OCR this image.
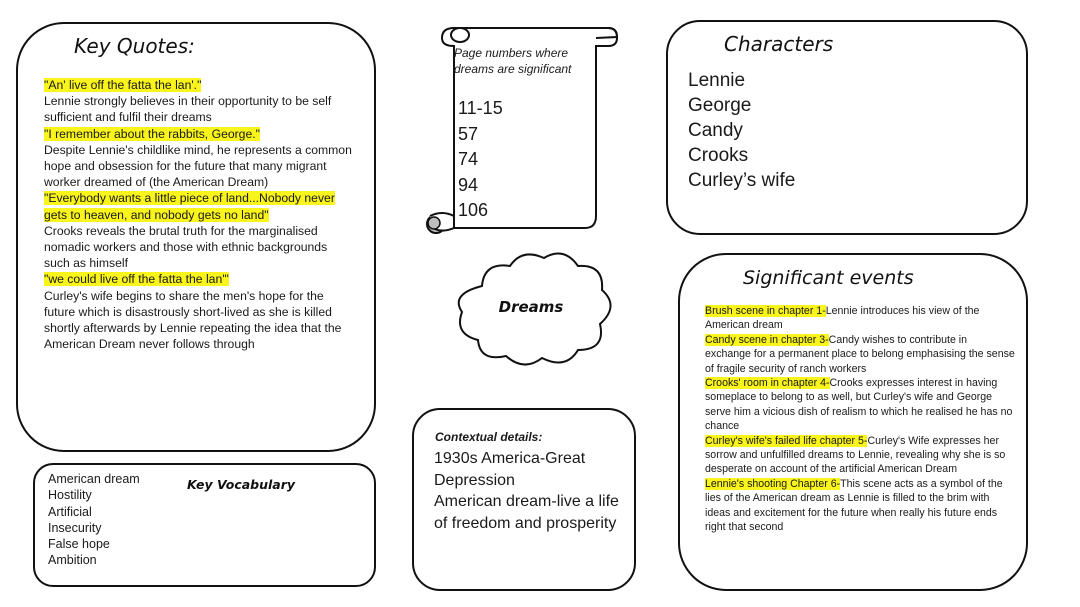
Key Quotes:
"An' live off the fatta the lan'."
Lennie strongly believes in their opportunity to be self sufficient and fulfil their dreams
"I remember about the rabbits, George."
Despite Lennie's childlike mind, he represents a common hope and obsession for the future that many migrant worker dreamed of (the American Dream)
"Everybody wants a little piece of land...Nobody never gets to heaven, and nobody gets no land"
Crooks reveals the brutal truth for the marginalised nomadic workers and those with ethnic backgrounds such as himself
"we could live off the fatta the lan'"
Curley's wife begins to share the men's hope for the future which is disastrously short-lived as she is killed shortly afterwards by Lennie repeating the idea that the American Dream never follows through
American dream
Hostility
Artificial
Insecurity
False hope
Ambition
Key Vocabulary
Page numbers where dreams are significant
11-15
57
74
94
106
Dreams
Contextual details:
1930s America-Great Depression
American dream-live a life of freedom and prosperity
Characters
Lennie
George
Candy
Crooks
Curley’s wife
Significant events
Brush scene in chapter 1-Lennie introduces his view of the American dream
Candy scene in chapter 3-Candy wishes to contribute in exchange for a permanent place to belong emphasising the sense of fragile security of ranch workers
Crooks' room in chapter 4-Crooks expresses interest in having someplace to belong to as well, but Curley's wife and George serve him a vicious dish of realism to which he realised he has no chance
Curley's wife's failed life chapter 5-Curley's Wife expresses her sorrow and unfulfilled dreams to Lennie, revealing why she is so desperate on account of the artificial American Dream
Lennie's shooting Chapter 6-This scene acts as a symbol of the lies of the American dream as Lennie is filled to the brim with ideas and excitement for the future when really his future ends right that second
